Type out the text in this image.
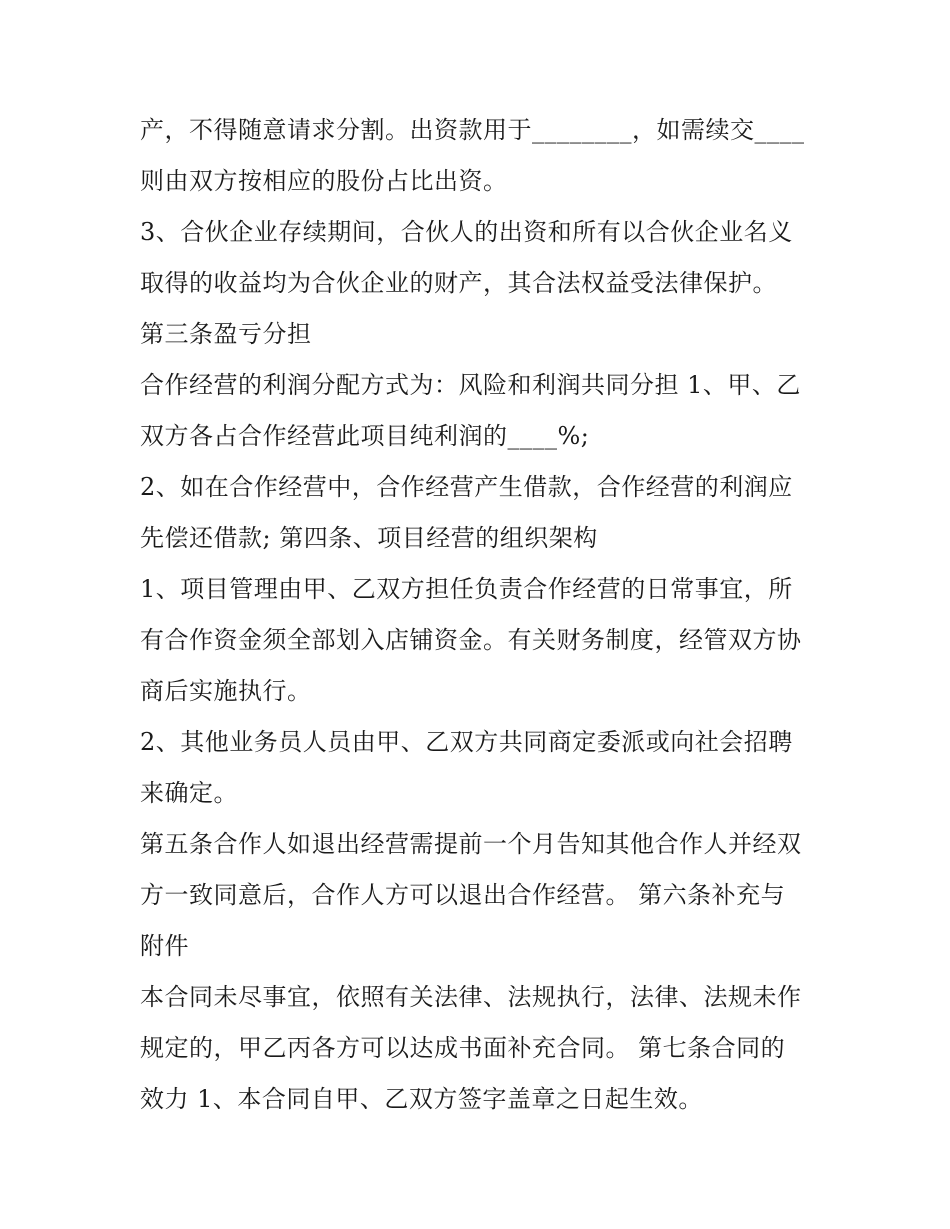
产，不得随意请求分割。出资款用于________，如需续交____
则由双方按相应的股份占比出资。
3、合伙企业存续期间，合伙人的出资和所有以合伙企业名义
取得的收益均为合伙企业的财产，其合法权益受法律保护。
第三条盈亏分担
合作经营的利润分配方式为：风险和利润共同分担 1、甲、乙
双方各占合作经营此项目纯利润的____%;
2、如在合作经营中，合作经营产生借款，合作经营的利润应
先偿还借款; 第四条、项目经营的组织架构
1、项目管理由甲、乙双方担任负责合作经营的日常事宜，所
有合作资金须全部划入店铺资金。有关财务制度，经管双方协
商后实施执行。
2、其他业务员人员由甲、乙双方共同商定委派或向社会招聘
来确定。
第五条合作人如退出经营需提前一个月告知其他合作人并经双
方一致同意后，合作人方可以退出合作经营。 第六条补充与
附件
本合同未尽事宜，依照有关法律、法规执行，法律、法规未作
规定的，甲乙丙各方可以达成书面补充合同。 第七条合同的
效力 1、本合同自甲、乙双方签字盖章之日起生效。
